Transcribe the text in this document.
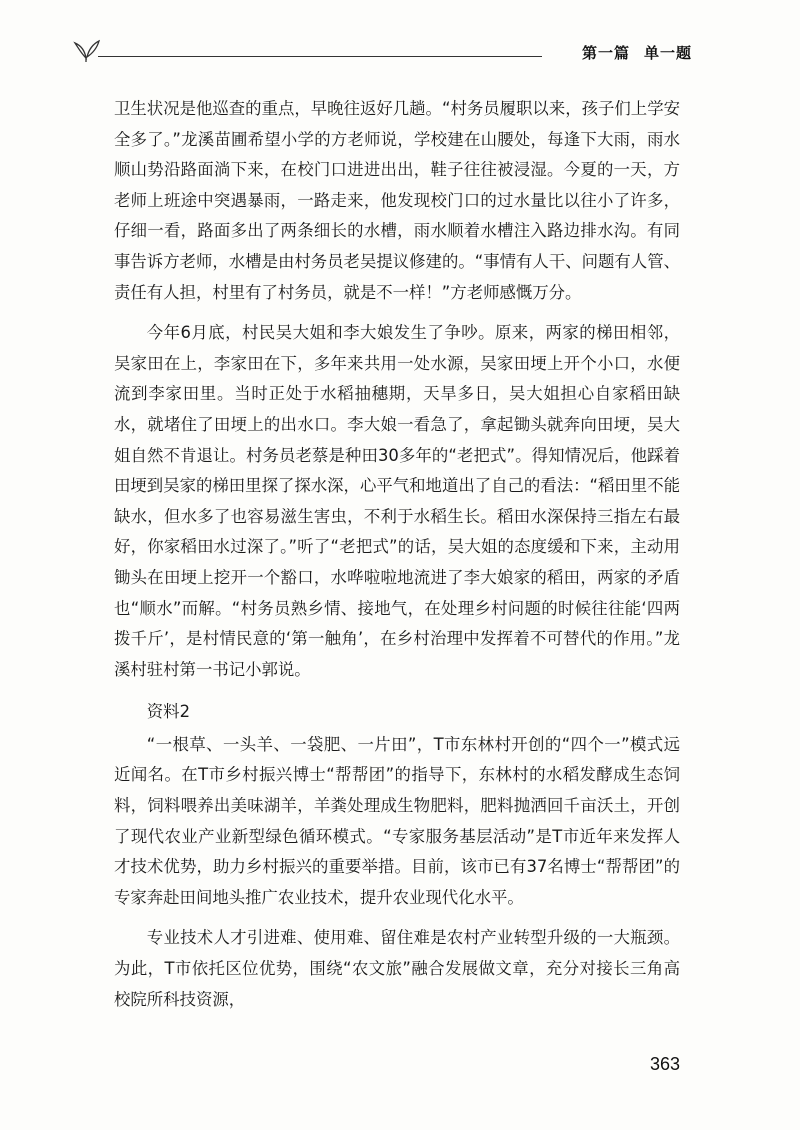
第一篇 单一题

卫生状况是他巡查的重点，早晚往返好几趟。“村务员履职以来，孩子们上学安全多了。”龙溪苗圃希望小学的方老师说，学校建在山腰处，每逢下大雨，雨水顺山势沿路面淌下来，在校门口进进出出，鞋子往往被浸湿。今夏的一天，方老师上班途中突遇暴雨，一路走来，他发现校门口的过水量比以往小了许多，仔细一看，路面多出了两条细长的水槽，雨水顺着水槽注入路边排水沟。有同事告诉方老师，水槽是由村务员老吴提议修建的。“事情有人干、问题有人管、责任有人担，村里有了村务员，就是不一样！”方老师感慨万分。

今年6月底，村民吴大姐和李大娘发生了争吵。原来，两家的梯田相邻，吴家田在上，李家田在下，多年来共用一处水源，吴家田埂上开个小口，水便流到李家田里。当时正处于水稻抽穗期，天旱多日，吴大姐担心自家稻田缺水，就堵住了田埂上的出水口。李大娘一看急了，拿起锄头就奔向田埂，吴大姐自然不肯退让。村务员老蔡是种田30多年的“老把式”。得知情况后，他踩着田埂到吴家的梯田里探了探水深，心平气和地道出了自己的看法：“稻田里不能缺水，但水多了也容易滋生害虫，不利于水稻生长。稻田水深保持三指左右最好，你家稻田水过深了。”听了“老把式”的话，吴大姐的态度缓和下来，主动用锄头在田埂上挖开一个豁口，水哗啦啦地流进了李大娘家的稻田，两家的矛盾也“顺水”而解。“村务员熟乡情、接地气，在处理乡村问题的时候往往能‘四两拨千斤’，是村情民意的‘第一触角’，在乡村治理中发挥着不可替代的作用。”龙溪村驻村第一书记小郭说。

资料2

“一根草、一头羊、一袋肥、一片田”，T市东林村开创的“四个一”模式远近闻名。在T市乡村振兴博士“帮帮团”的指导下，东林村的水稻发酵成生态饲料，饲料喂养出美味湖羊，羊粪处理成生物肥料，肥料抛洒回千亩沃土，开创了现代农业产业新型绿色循环模式。“专家服务基层活动”是T市近年来发挥人才技术优势，助力乡村振兴的重要举措。目前，该市已有37名博士“帮帮团”的专家奔赴田间地头推广农业技术，提升农业现代化水平。

专业技术人才引进难、使用难、留住难是农村产业转型升级的一大瓶颈。为此，T市依托区位优势，围绕“农文旅”融合发展做文章，充分对接长三角高校院所科技资源，

363
